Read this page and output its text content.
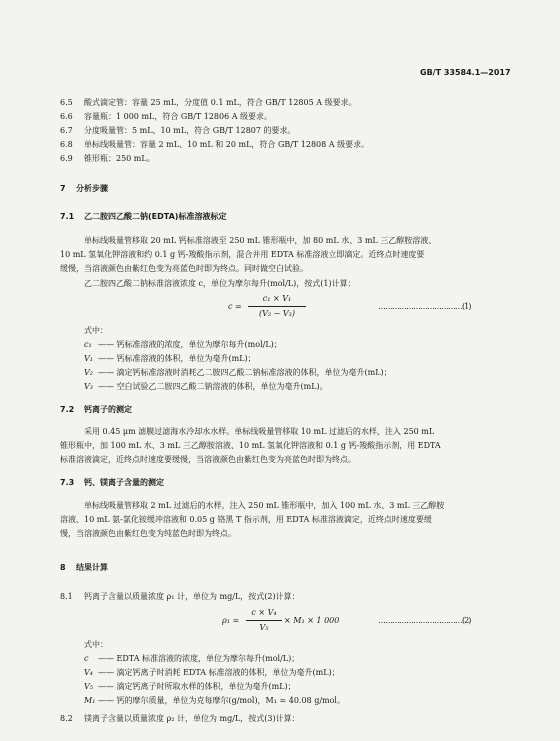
GB/T 33584.1—2017
6.5 酸式滴定管：容量 25 mL，分度值 0.1 mL，符合 GB/T 12805 A 级要求。
6.6 容量瓶：1 000 mL，符合 GB/T 12806 A 级要求。
6.7 分度吸量管：5 mL、10 mL，符合 GB/T 12807 的要求。
6.8 单标线吸量管：容量 2 mL、10 mL 和 20 mL，符合 GB/T 12808 A 级要求。
6.9 锥形瓶：250 mL。
7 分析步骤
7.1 乙二胺四乙酸二钠(EDTA)标准溶液标定
单标线吸量管移取 20 mL 钙标准溶液至 250 mL 锥形瓶中，加 80 mL 水、3 mL 三乙醇胺溶液、
10 mL 氢氧化钾溶液和约 0.1 g 钙-羧酸指示剂，混合并用 EDTA 标准溶液立即滴定。近终点时速度要
缓慢，当溶液颜色由紫红色变为亮蓝色时即为终点。同时做空白试验。
乙二胺四乙酸二钠标准溶液浓度 c，单位为摩尔每升(mol/L)，按式(1)计算：
c =
c₁ × V₁
(V₂ − V₃)
………………………………(1)
式中：
c₁ —— 钙标准溶液的浓度，单位为摩尔每升(mol/L)；
V₁ —— 钙标准溶液的体积，单位为毫升(mL)；
V₂ —— 滴定钙标准溶液时消耗乙二胺四乙酸二钠标准溶液的体积，单位为毫升(mL)；
V₃ —— 空白试验乙二胺四乙酸二钠溶液的体积，单位为毫升(mL)。
7.2 钙离子的测定
采用 0.45 μm 滤膜过滤海水冷却水水样。单标线吸量管移取 10 mL 过滤后的水样，注入 250 mL
锥形瓶中，加 100 mL 水、3 mL 三乙醇胺溶液、10 mL 氢氧化钾溶液和 0.1 g 钙-羧酸指示剂，用 EDTA
标准溶液滴定，近终点时速度要缓慢，当溶液颜色由紫红色变为亮蓝色时即为终点。
7.3 钙、镁离子含量的测定
单标线吸量管移取 2 mL 过滤后的水样，注入 250 mL 锥形瓶中，加入 100 mL 水、3 mL 三乙醇胺
溶液、10 mL 氨-氯化铵缓冲溶液和 0.05 g 铬黑 T 指示剂，用 EDTA 标准溶液滴定，近终点时速度要缓
慢，当溶液颜色由紫红色变为纯蓝色时即为终点。
8 结果计算
8.1 钙离子含量以质量浓度 ρ₁ 计，单位为 mg/L，按式(2)计算：
ρ₁ =
c × V₄
V₅
× M₁ × 1 000	………………………………(2)
式中：
c —— EDTA 标准溶液的浓度，单位为摩尔每升(mol/L)；
V₄ —— 滴定钙离子时消耗 EDTA 标准溶液的体积，单位为毫升(mL)；
V₅ —— 滴定钙离子时所取水样的体积，单位为毫升(mL)；
M₁ —— 钙的摩尔质量，单位为克每摩尔(g/mol)，M₁ = 40.08 g/mol。
8.2 镁离子含量以质量浓度 ρ₂ 计，单位为 mg/L，按式(3)计算：
